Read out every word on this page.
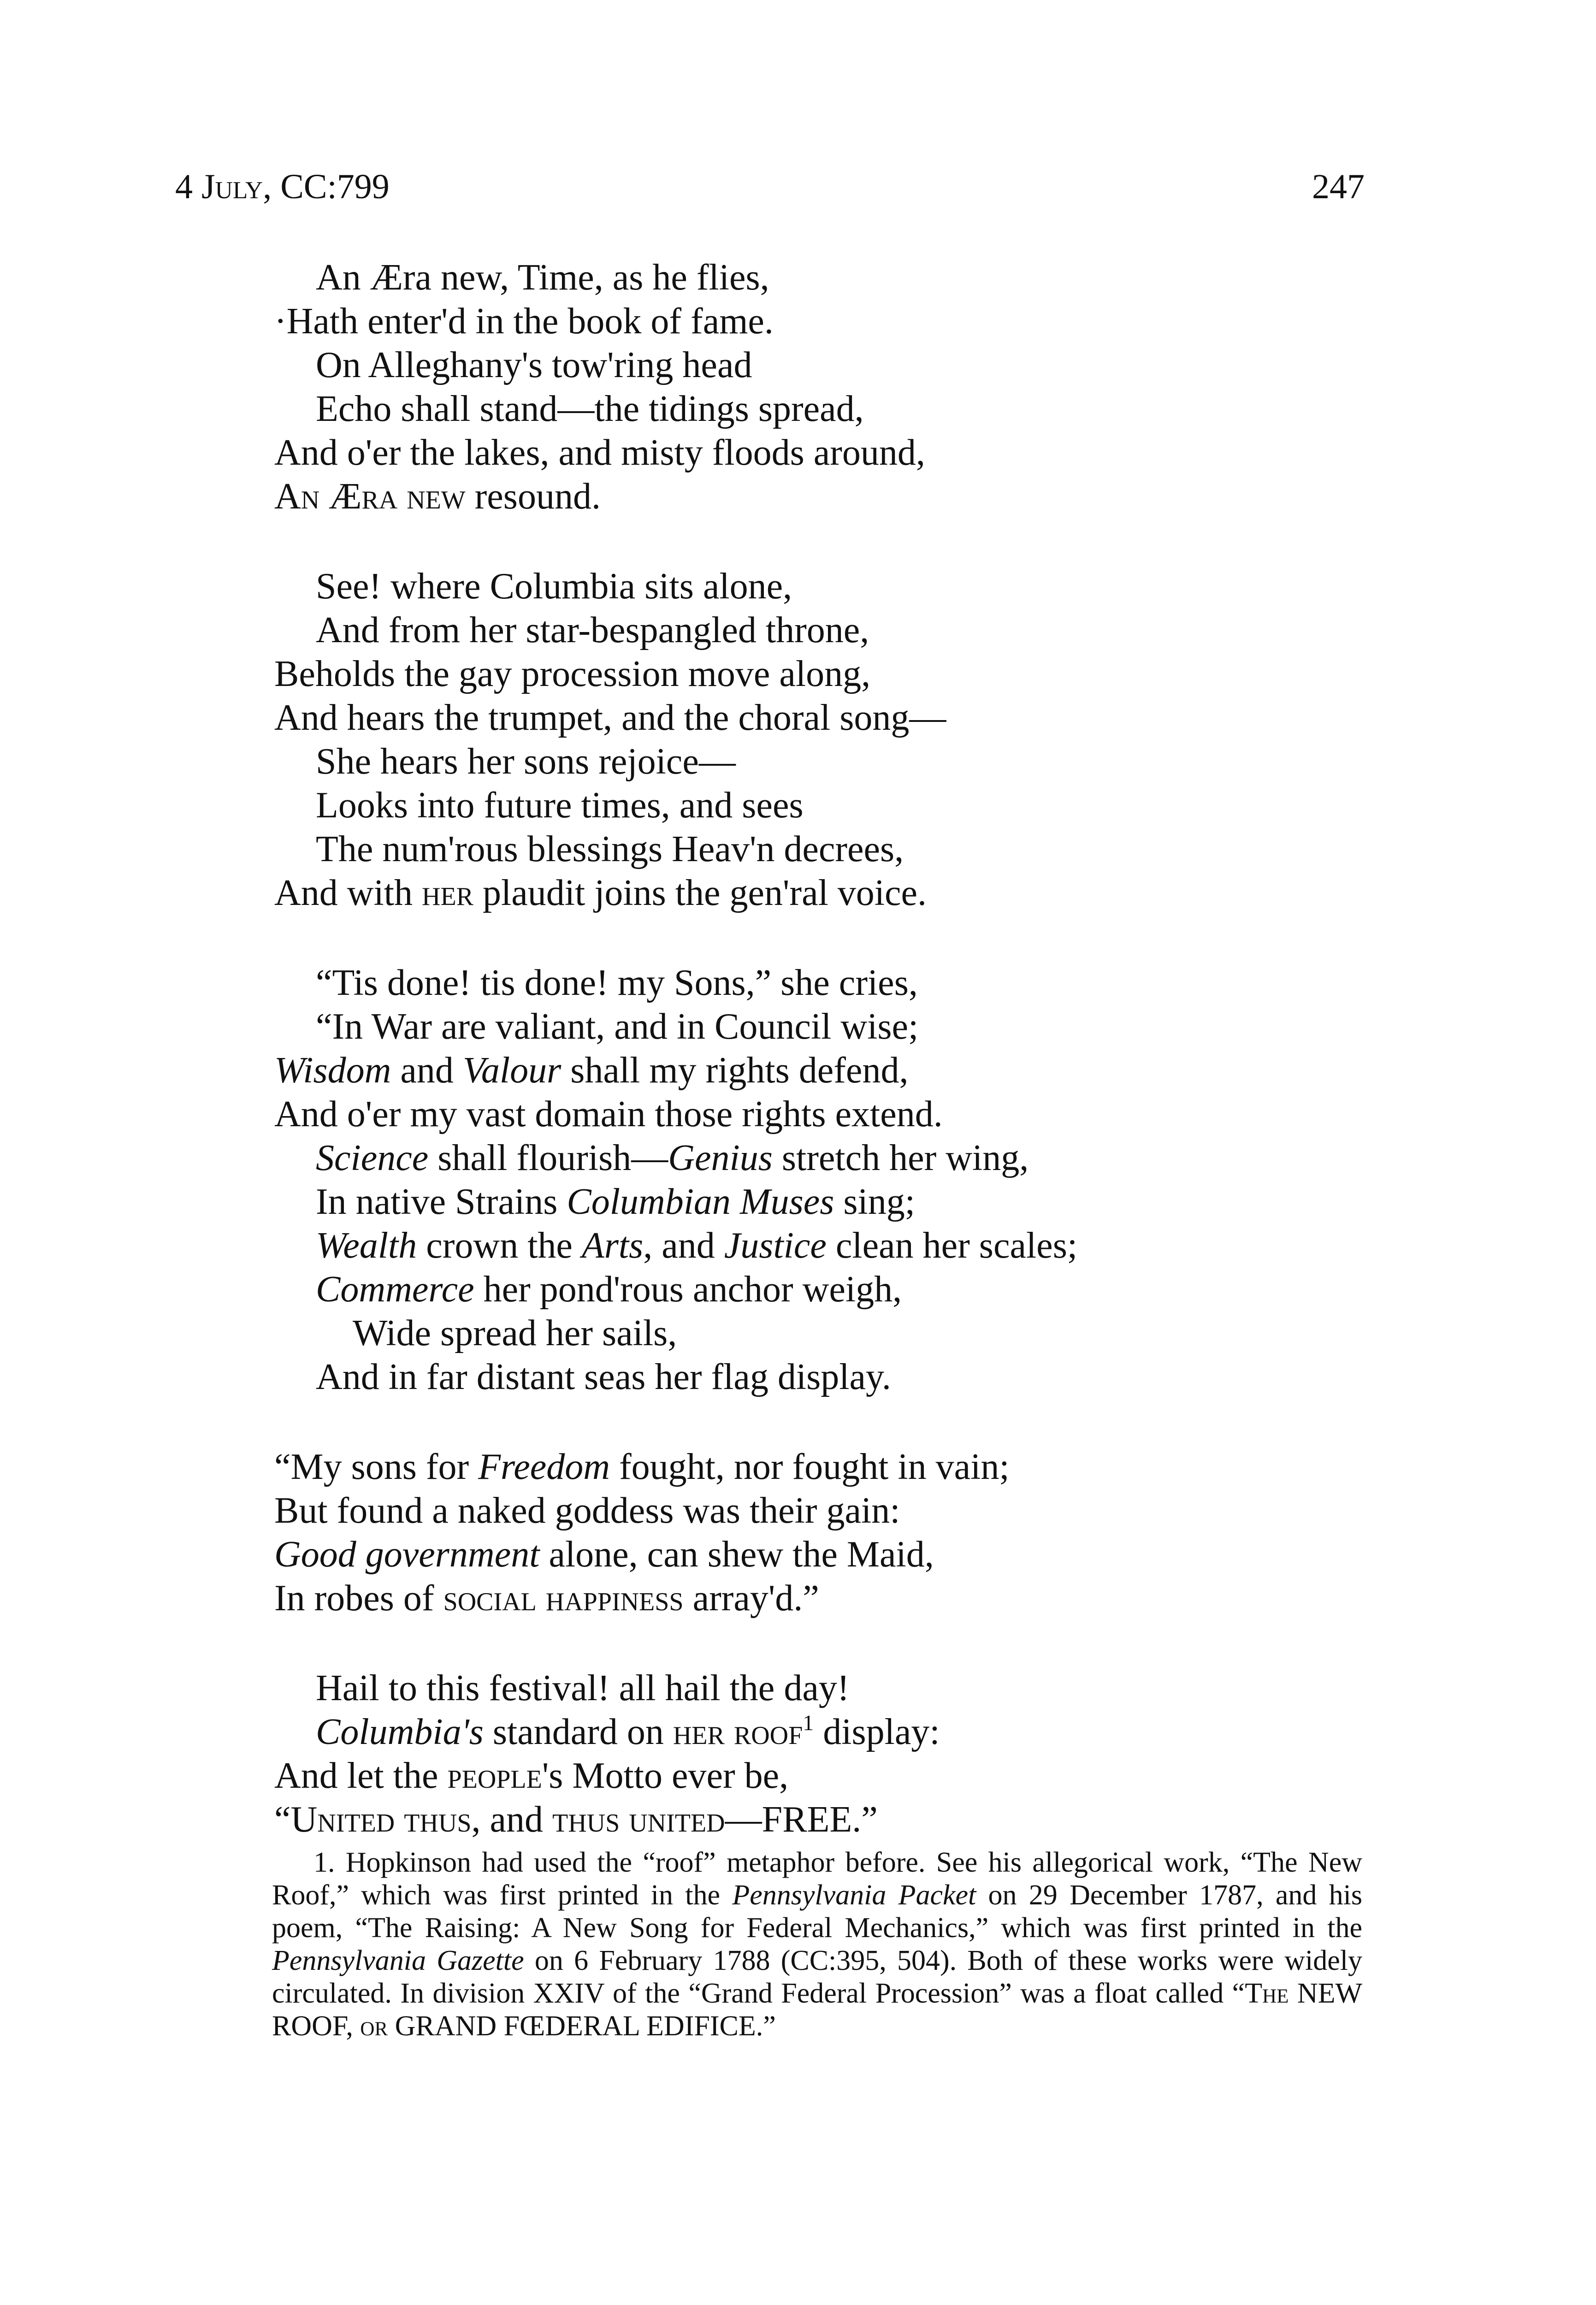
4 July, CC:799	247
An Æra new, Time, as he flies,
·Hath enter'd in the book of fame.
On Alleghany's tow'ring head
Echo shall stand—the tidings spread,
And o'er the lakes, and misty floods around,
An Æra new resound.
See! where Columbia sits alone,
And from her star-bespangled throne,
Beholds the gay procession move along,
And hears the trumpet, and the choral song—
She hears her sons rejoice—
Looks into future times, and sees
The num'rous blessings Heav'n decrees,
And with her plaudit joins the gen'ral voice.
“Tis done! tis done! my Sons,” she cries,
“In War are valiant, and in Council wise;
Wisdom and Valour shall my rights defend,
And o'er my vast domain those rights extend.
Science shall flourish—Genius stretch her wing,
In native Strains Columbian Muses sing;
Wealth crown the Arts, and Justice clean her scales;
Commerce her pond'rous anchor weigh,
Wide spread her sails,
And in far distant seas her flag display.
“My sons for Freedom fought, nor fought in vain;
But found a naked goddess was their gain:
Good government alone, can shew the Maid,
In robes of social happiness array'd.”
Hail to this festival! all hail the day!
Columbia's standard on her roof$^1$ display:
And let the people's Motto ever be,
“United thus, and thus united—FREE.”
1. Hopkinson had used the “roof” metaphor before. See his allegorical work, “The New Roof,” which was first printed in the Pennsylvania Packet on 29 December 1787, and his poem, “The Raising: A New Song for Federal Mechanics,” which was first printed in the Pennsylvania Gazette on 6 February 1788 (CC:395, 504). Both of these works were widely circulated. In division XXIV of the “Grand Federal Procession” was a float called “The NEW ROOF, or GRAND FŒDERAL EDIFICE.”
